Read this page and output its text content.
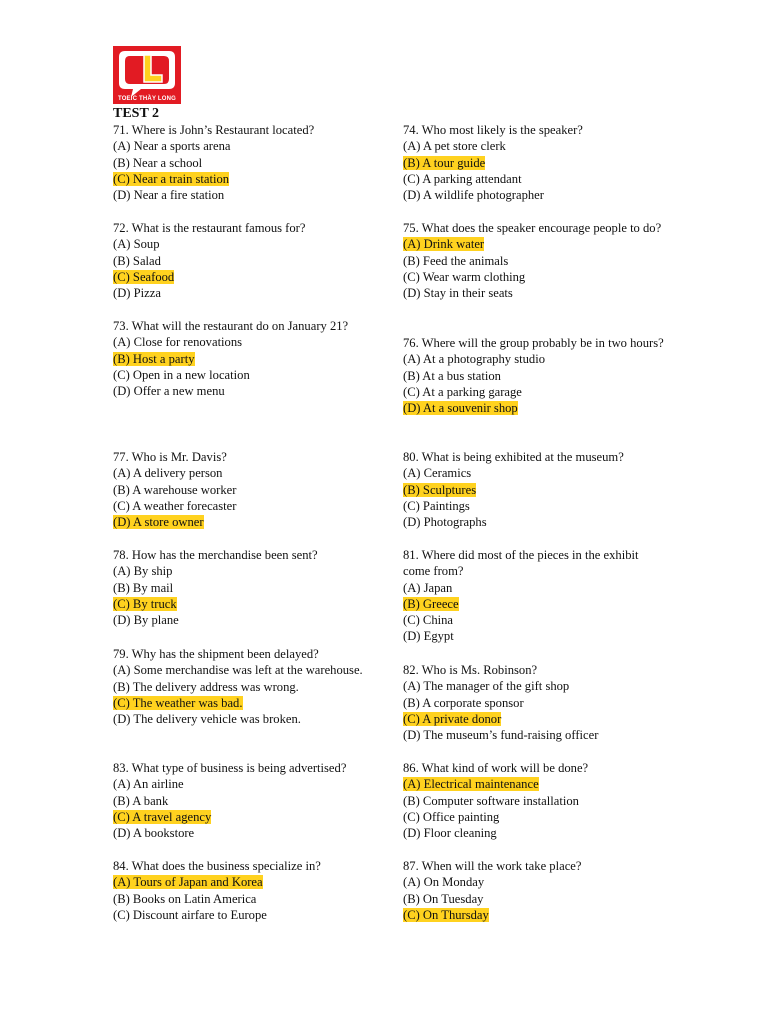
TOEIC THẦY LONG
TEST 2
71. Where is John’s Restaurant located?
(A) Near a sports arena
(B) Near a school
(C) Near a train station
(D) Near a fire station
72. What is the restaurant famous for?
(A) Soup
(B) Salad
(C) Seafood
(D) Pizza
73. What will the restaurant do on January 21?
(A) Close for renovations
(B) Host a party
(C) Open in a new location
(D) Offer a new menu
77. Who is Mr. Davis?
(A) A delivery person
(B) A warehouse worker
(C) A weather forecaster
(D) A store owner
78. How has the merchandise been sent?
(A) By ship
(B) By mail
(C) By truck
(D) By plane
79. Why has the shipment been delayed?
(A) Some merchandise was left at the warehouse.
(B) The delivery address was wrong.
(C) The weather was bad.
(D) The delivery vehicle was broken.
83. What type of business is being advertised?
(A) An airline
(B) A bank
(C) A travel agency
(D) A bookstore
84. What does the business specialize in?
(A) Tours of Japan and Korea
(B) Books on Latin America
(C) Discount airfare to Europe
74. Who most likely is the speaker?
(A) A pet store clerk
(B) A tour guide
(C) A parking attendant
(D) A wildlife photographer
75. What does the speaker encourage people to do?
(A) Drink water
(B) Feed the animals
(C) Wear warm clothing
(D) Stay in their seats
76. Where will the group probably be in two hours?
(A) At a photography studio
(B) At a bus station
(C) At a parking garage
(D) At a souvenir shop
80. What is being exhibited at the museum?
(A) Ceramics
(B) Sculptures
(C) Paintings
(D) Photographs
81. Where did most of the pieces in the exhibit come from?
(A) Japan
(B) Greece
(C) China
(D) Egypt
82. Who is Ms. Robinson?
(A) The manager of the gift shop
(B) A corporate sponsor
(C) A private donor
(D) The museum’s fund-raising officer
86. What kind of work will be done?
(A) Electrical maintenance
(B) Computer software installation
(C) Office painting
(D) Floor cleaning
87. When will the work take place?
(A) On Monday
(B) On Tuesday
(C) On Thursday
